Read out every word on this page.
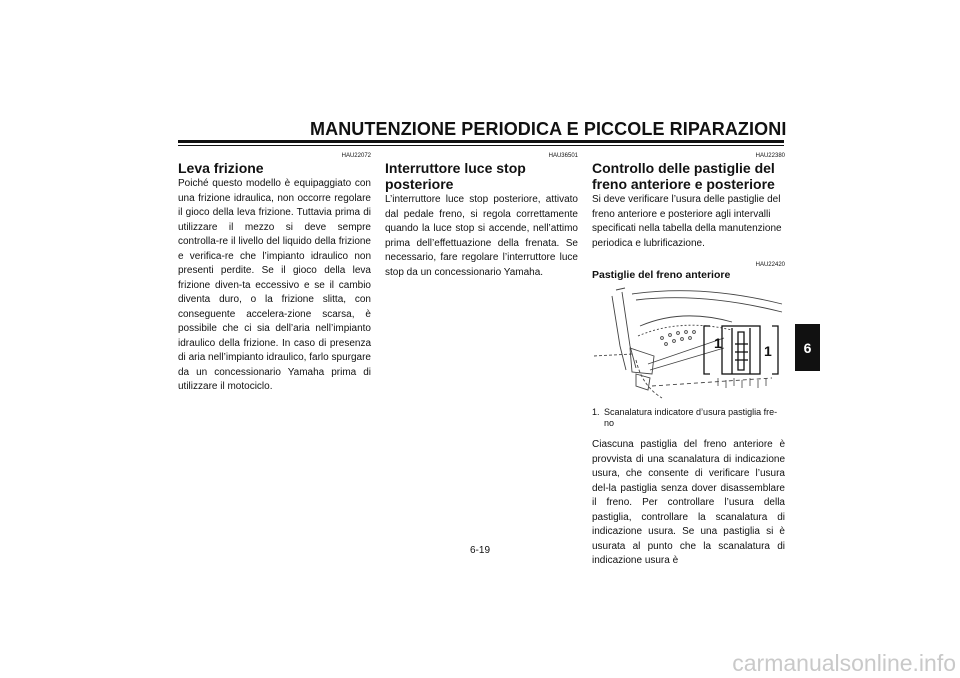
MANUTENZIONE PERIODICA E PICCOLE RIPARAZIONI
HAU22072
Leva frizione

Poiché questo modello è equipaggiato con una frizione idraulica, non occorre regolare il gioco della leva frizione. Tuttavia prima di utilizzare il mezzo si deve sempre controlla-re il livello del liquido della frizione e verifica-re che l’impianto idraulico non presenti perdite. Se il gioco della leva frizione diven-ta eccessivo e se il cambio diventa duro, o la frizione slitta, con conseguente accelera-zione scarsa, è possibile che ci sia dell’aria nell’impianto idraulico della frizione. In caso di presenza di aria nell’impianto idraulico, farlo spurgare da un concessionario Yamaha prima di utilizzare il motociclo.

HAU36501
Interruttore luce stop posteriore

L’interruttore luce stop posteriore, attivato dal pedale freno, si regola correttamente quando la luce stop si accende, nell’attimo prima dell’effettuazione della frenata. Se necessario, fare regolare l’interruttore luce stop da un concessionario Yamaha.

HAU22380
Controllo delle pastiglie del freno anteriore e posteriore

Si deve verificare l’usura delle pastiglie del freno anteriore e posteriore agli intervalli specificati nella tabella della manutenzione periodica e lubrificazione.

HAU22420
Pastiglie del freno anteriore
1	1
1. Scanalatura indicatore d’usura pastiglia fre-no

Ciascuna pastiglia del freno anteriore è provvista di una scanalatura di indicazione usura, che consente di verificare l’usura del-la pastiglia senza dover disassemblare il freno. Per controllare l’usura della pastiglia, controllare la scanalatura di indicazione usura. Se una pastiglia si è usurata al punto che la scanalatura di indicazione usura è

6
6-19
carmanualsonline.info
